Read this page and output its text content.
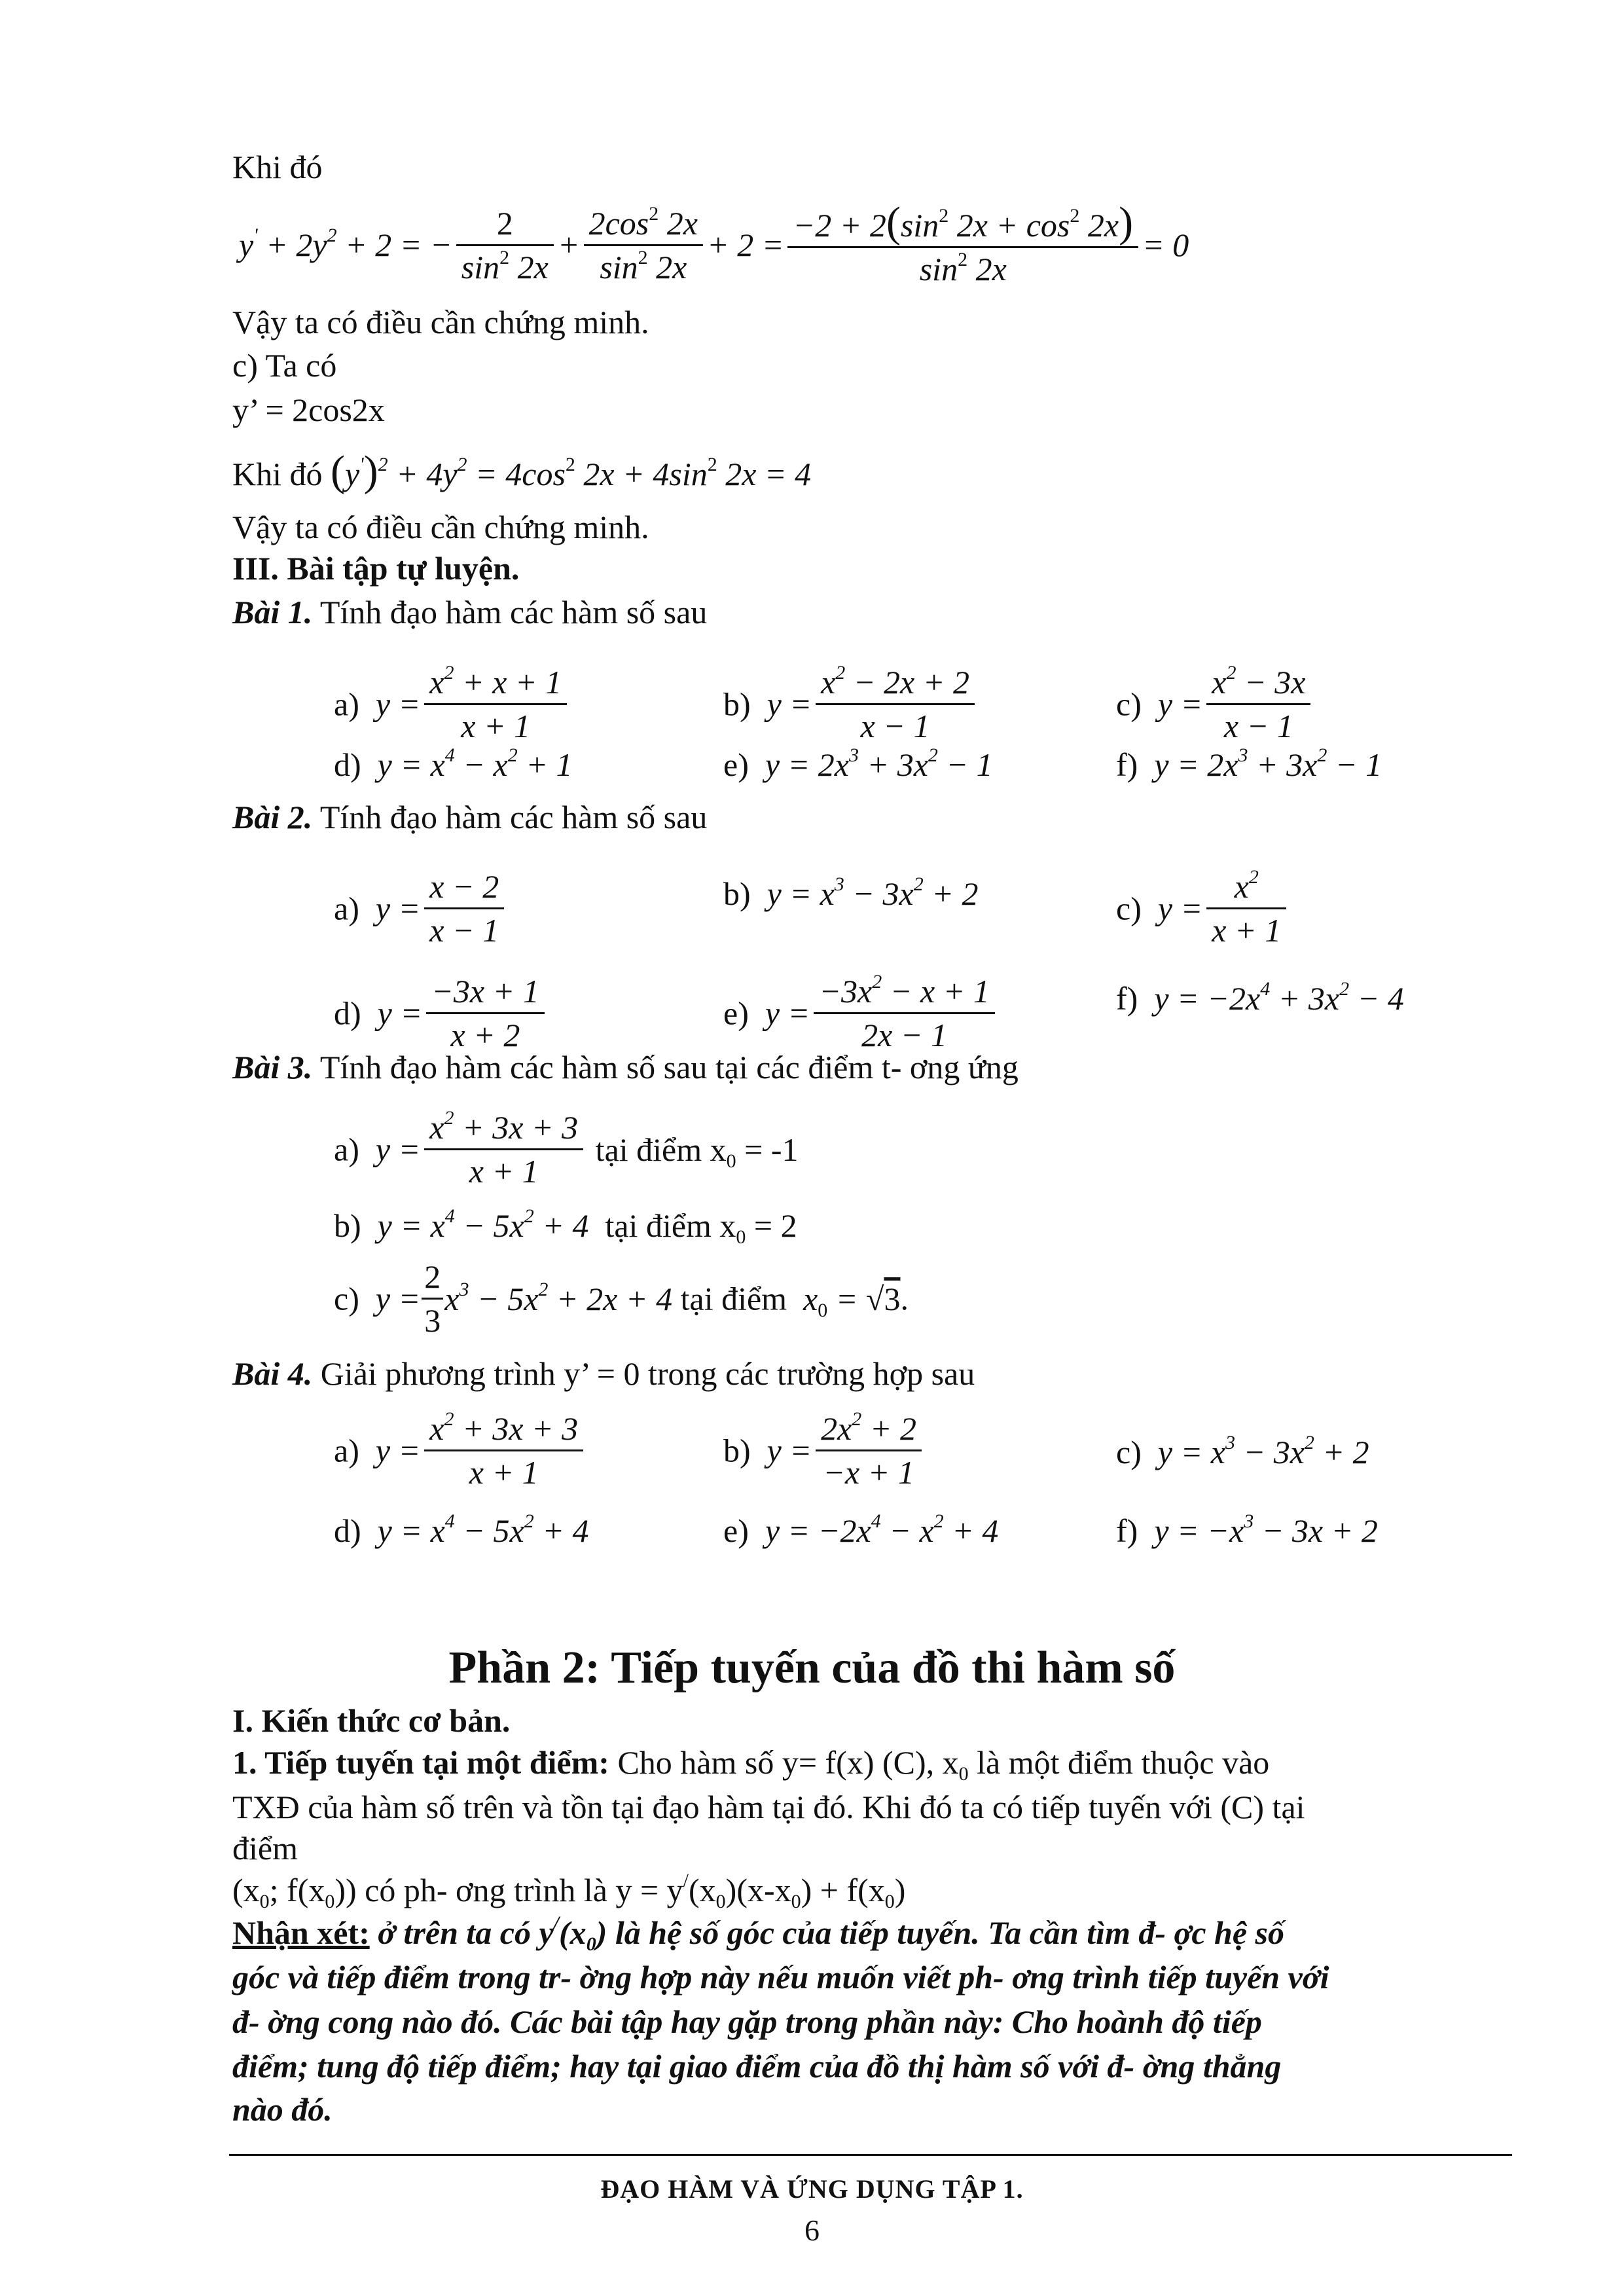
Khi đó
$y' + 2y^2 + 2$ = − $\frac{2}{\sin^2 2x} + \frac{2\cos^2 2x}{\sin^2 2x} + 2 = \frac{-2 + 2(\sin^2 2x + \cos^2 2x)}{\sin^2 2x} = 0$
Vậy ta có điều cần chứng minh.
c) Ta có
y’ = 2cos2x
Khi đó $(y')^2 + 4y^2 = 4\cos^2$ $2x + 4\sin^2$ 2x = 4
Vậy ta có điều cần chứng minh.
III. Bài tập tự luyện.
Bài 1. Tính đạo hàm các hàm số sau
a)  $y = \frac{x^2 + x + 1}{x + 1}$	b)  $y = \frac{x^2 - 2x + 2}{x - 1}$	c)  $y = \frac{x^2 - 3x}{x - 1}$
d)  $y = x^4 - x^2 + 1$	e)  $y = 2x^3 + 3x^2 - 1$	f)  $y = 2x^3 + 3x^2 - 1$
Bài 2. Tính đạo hàm các hàm số sau
a)  $y = \frac{x - 2}{x - 1}$	b)  $y = x^3 - 3x^2 + 2$	c)  $y = \frac{x^2}{x + 1}$
d)  $y = \frac{-3x + 1}{x + 2}$	e)  $y = \frac{-3x^2 - x + 1}{2x - 1}$	f)  $y = -2x^4 + 3x^2 - 4$
Bài 3. Tính đạo hàm các hàm số sau tại các điểm t- ơng ứng
a)  $y = \frac{x^2 + 3x + 3}{x + 1}$ tại điểm $x_0 = -1$
b)  $y = x^4 - 5x^2 + 4$ tại điểm $x_0 = 2$
c)  $y = \frac{2}{3} x^3 - 5x^2 + 2x + 4$ tại điểm $x_0 = √3$.
Bài 4. Giải phương trình y’ = 0 trong các trường hợp sau
a)  $y = \frac{x^2 + 3x + 3}{x + 1}$	b)  $y = \frac{2x^2 + 2}{-x + 1}$	c)  $y = x^3 - 3x^2 + 2$
d)  $y = x^4 - 5x^2 + 4$	e)  $y = -2x^4 - x^2 + 4$	f)  $y = -x^3 - 3x + 2$
Phần 2: Tiếp tuyến của đồ thi hàm số
I. Kiến thức cơ bản.
1. Tiếp tuyến tại một điểm: Cho hàm số y= f(x) (C), $x_0$ là một điểm thuộc vào
TXĐ của hàm số trên và tồn tại đạo hàm tại đó. Khi đó ta có tiếp tuyến với (C) tại
điểm
($x_0$; $f(x_0)$) có ph- ơng trình là $y = y^/(x_0)(x-x_0) + f(x_0)$
Nhận xét: ở trên ta có $y^/(x_0)$ là hệ số góc của tiếp tuyến. Ta cần tìm đ- ợc hệ số
góc và tiếp điểm trong tr- ờng hợp này nếu muốn viết ph- ơng trình tiếp tuyến với
đ- ờng cong nào đó. Các bài tập hay gặp trong phần này: Cho hoành độ tiếp
điểm; tung độ tiếp điểm; hay tại giao điểm của đồ thị hàm số với đ- ờng thẳng
nào đó.
ĐẠO HÀM VÀ ỨNG DỤNG TẬP 1.
6
